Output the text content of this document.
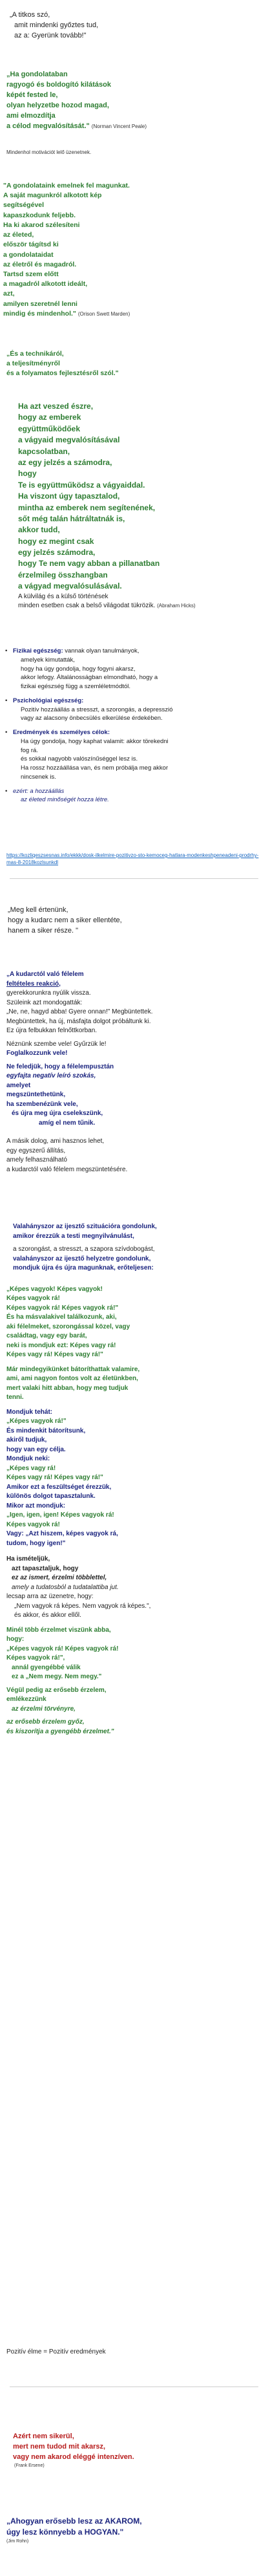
„A titkos szó,
amit mindenki győztes tud,
az a: Gyerünk tovább!"
„Ha gondolataban
ragyogó és boldogító kilátások
képét fested le,
olyan helyzetbe hozod magad,
ami elmozdítja
a célod megvalósítását." (Norman Vincent Peale)
Mindenhol motivációt lelő üzenetnek.
"A gondolataink emelnek fel magunkat.
A saját magunkról alkotott kép
segítségével
kapaszkodunk feljebb.
Ha ki akarod szélesíteni
az életed,
először tágítsd ki
a gondolataidat
az életről és magadról.
Tartsd szem előtt
a magadról alkotott ideált,
azt,
amilyen szeretnél lenni
mindig és mindenhol." (Orison Swett Marden)
„És a technikáról,
a teljesítményről
és a folyamatos fejlesztésről szól."
Ha azt veszed észre,
hogy az emberek
együttműködőek
a vágyaid megvalósításával
kapcsolatban,
az egy jelzés a számodra,
hogy
Te is együttműködsz a vágyaiddal.
Ha viszont úgy tapasztalod,
mintha az emberek nem segítenének,
sőt még talán hátráltatnák is,
akkor tudd,
hogy ez megint csak
egy jelzés számodra,
hogy Te nem vagy abban a pillanatban
érzelmileg összhangban
a vágyad megvalósulásával.
A külvilág és a külső történések
minden esetben csak a belső világodat tükrözik. (Abraham Hicks)
• Fizikai egészség: vannak olyan tanulmányok,
amelyek kimutatták,
hogy ha úgy gondolja, hogy fogyni akarsz,
akkor lefogy. Általánosságban elmondható, hogy a
fizikai egészség függ a szemléletmódtól.
• Pszichológiai egészség:
Pozitív hozzáállás a stresszt, a szorongás, a depresszió
vagy az alacsony önbecsülés elkerülése érdekében.
• Eredmények és személyes célok:
Ha úgy gondolja, hogy kaphat valamit: akkor törekedni
fog rá.
és sokkal nagyobb valószínűséggel lesz is.
Ha rossz hozzáállása van, és nem próbálja meg akkor
nincsenek is.
• ezért: a hozzáállás
az életed minőségét hozza létre.
https://kozliqeszsesnas.info/ekkk/dosk-ilkelmire-pozitivzo-sto-kemoceg-hatlara-modenkeshpeneadeni-prodrhy-mas-8-2018kozlsunkdl
„Meg kell értenünk,
hogy a kudarc nem a siker ellentéte,
hanem a siker része. "
„A kudarctól való félelem
feltételes reakció,
gyerekkorunkra nyúlik vissza.
Szüleink azt mondogatták:
„Ne, ne, hagyd abba! Gyere onnan!" Megbüntettek.
Megbüntettek, ha új, másfajta dolgot próbáltunk ki.
Ez újra felbukkan felnőttkorban.
Néznünk szembe vele! Gyűrzük le!
Foglalkozzunk vele!
Ne feledjük, hogy a félelempusztán
egyfajta negatív leíró szokás,
amelyet
megszüntethetünk,
ha szembenézünk vele,
és újra meg újra cselekszünk,
amíg el nem tűnik.
A másik dolog, ami hasznos lehet,
egy egyszerű állítás,
amely felhasználható
a kudarctól való félelem megszüntetésére.
Valahányszor az ijesztő szituációra gondolunk,
amikor érezzük a testi megnyilvánulást,
a szorongást, a stresszt, a szapora szívdobogást,
valahányszor az ijesztő helyzetre gondolunk,
mondjuk újra és újra magunknak, erőteljesen:
„Képes vagyok! Képes vagyok!
Képes vagyok rá!
Képes vagyok rá! Képes vagyok rá!"
És ha másvalakivel találkozunk, aki,
aki félelmeket, szorongással közel, vagy
családtag, vagy egy barát,
neki is mondjuk ezt: Képes vagy rá!
Képes vagy rá! Képes vagy rá!"
Már mindegyikünket bátoríthattak valamire,
ami, ami nagyon fontos volt az életünkben,
mert valaki hitt abban, hogy meg tudjuk
tenni.
Mondjuk tehát:
„Képes vagyok rá!"
És mindenkit bátorítsunk,
akiről tudjuk,
hogy van egy célja.
Mondjuk neki:
„Képes vagy rá!
Képes vagy rá! Képes vagy rá!"
Amikor ezt a feszültséget érezzük,
különös dolgot tapasztalunk.
Mikor azt mondjuk:
„Igen, igen, igen! Képes vagyok rá!
Képes vagyok rá!
Vagy: „Azt hiszem, képes vagyok rá,
tudom, hogy igen!"
Ha ismételjük,
azt tapasztaljuk, hogy
ez az ismert, érzelmi többlettel,
amely a tudatosból a tudatalattiba jut.
lecsap arra az üzenetre, hogy:
„Nem vagyok rá képes. Nem vagyok rá képes.",
és akkor, és akkor ellől.
Minél több érzelmet viszünk abba,
hogy:
„Képes vagyok rá! Képes vagyok rá!
Képes vagyok rá!",
annál gyengébbé válik
ez a „Nem megy. Nem megy."
Végül pedig az erősebb érzelem,
emlékezzünk
az érzelmi törvényre,
az erősebb érzelem győz,
és kiszorítja a gyengébb érzelmet."
Pozitív élme = Pozitív eredmények
Azért nem sikerül,
mert nem tudod mit akarsz,
vagy nem akarod eléggé intenzíven.
(Frank Ersene)
„Ahogyan erősebb lesz az AKAROM,
úgy lesz könnyebb a HOGYAN."
(Jim Rohn)
